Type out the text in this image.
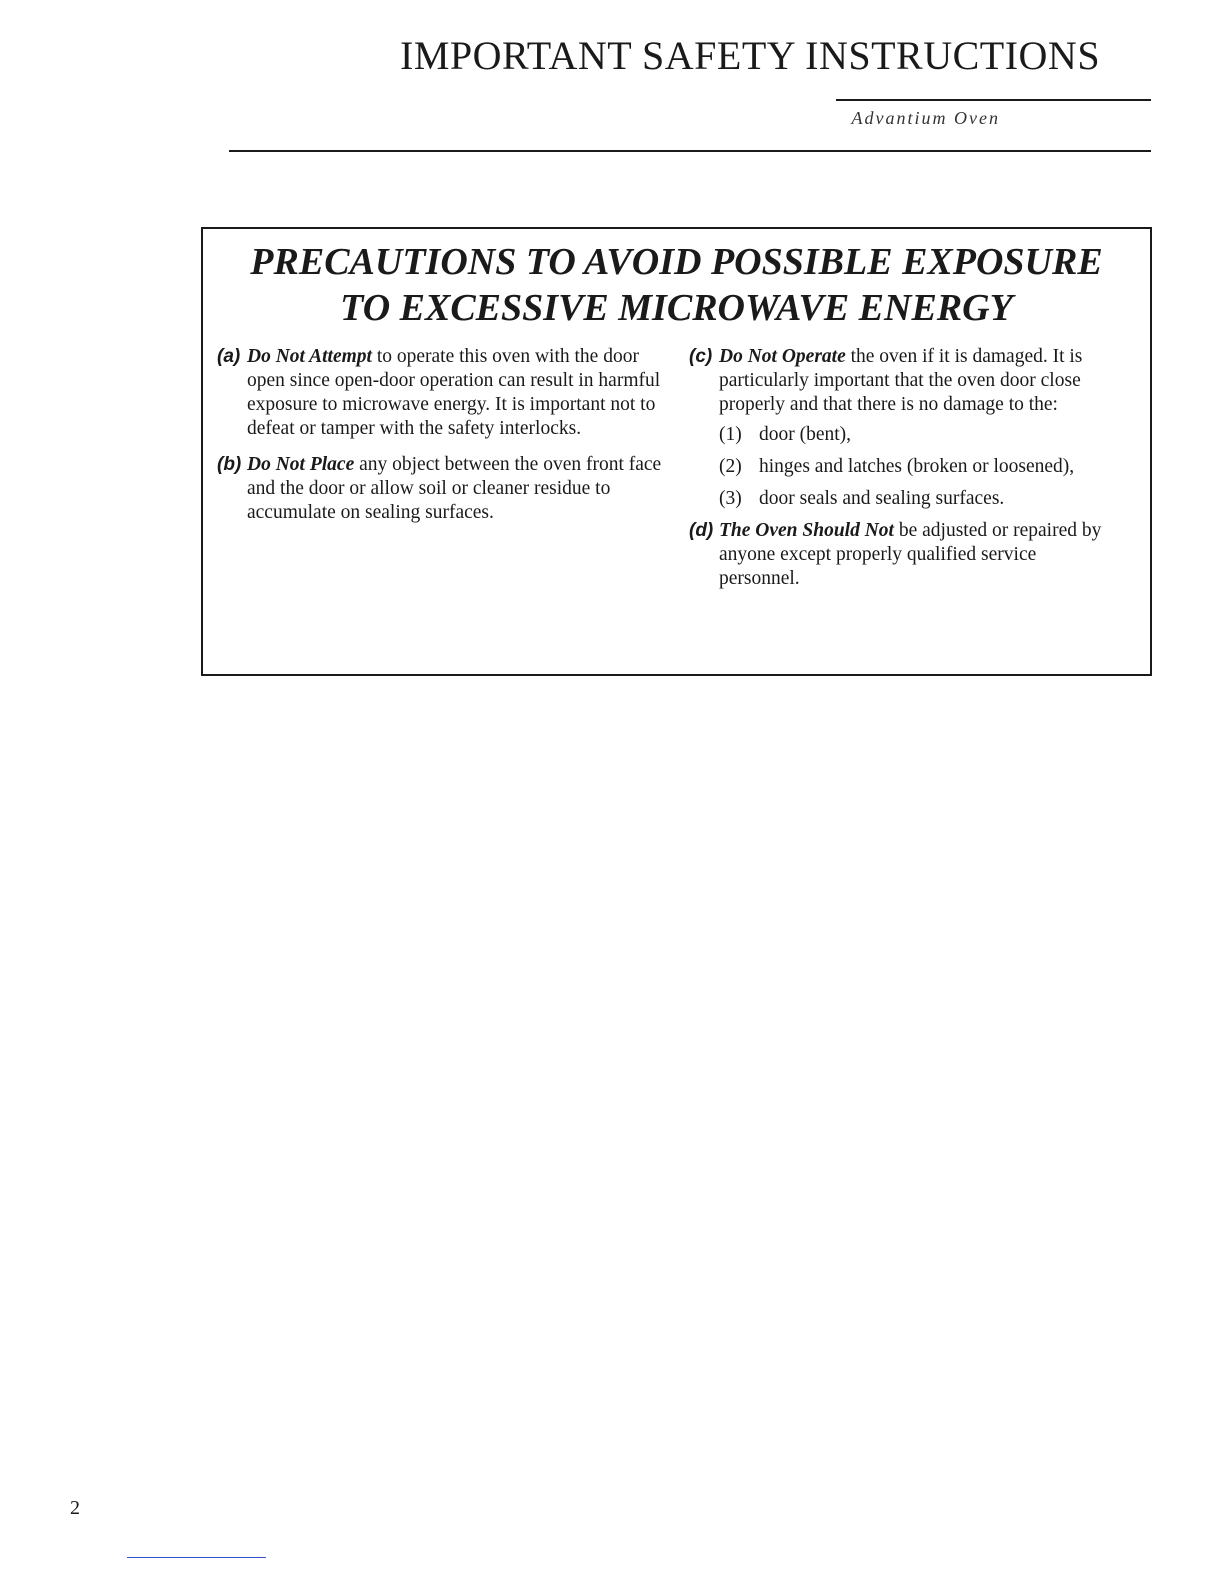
IMPORTANT SAFETY INSTRUCTIONS
Advantium Oven
PRECAUTIONS TO AVOID POSSIBLE EXPOSURE
TO EXCESSIVE MICROWAVE ENERGY
(a) Do Not Attempt to operate this oven with the door open since open-door operation can result in harmful exposure to microwave energy. It is important not to defeat or tamper with the safety interlocks.
(b) Do Not Place any object between the oven front face and the door or allow soil or cleaner residue to accumulate on sealing surfaces.
(c) Do Not Operate the oven if it is damaged. It is particularly important that the oven door close properly and that there is no damage to the:
(1) door (bent),
(2) hinges and latches (broken or loosened),
(3) door seals and sealing surfaces.
(d) The Oven Should Not be adjusted or repaired by anyone except properly qualified service personnel.
2
